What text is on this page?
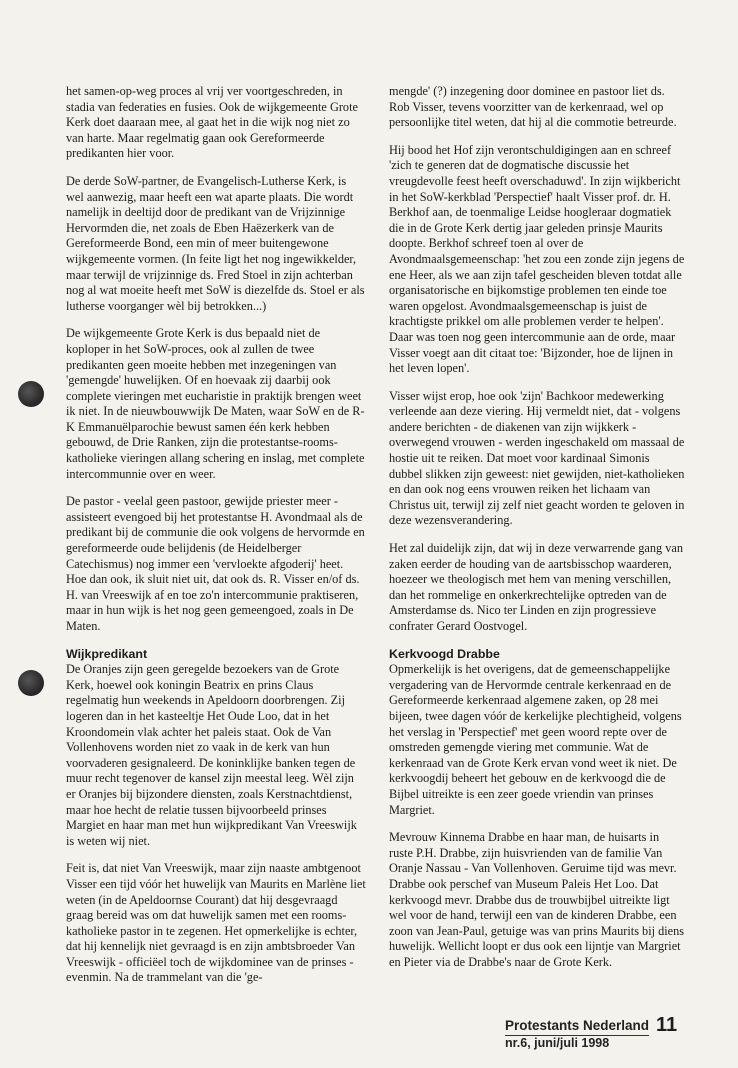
het samen-op-weg proces al vrij ver voortgeschreden, in stadia van federaties en fusies. Ook de wijkgemeente Grote Kerk doet daaraan mee, al gaat het in die wijk nog niet zo van harte. Maar regelmatig gaan ook Gereformeerde predikanten hier voor.

De derde SoW-partner, de Evangelisch-Lutherse Kerk, is wel aanwezig, maar heeft een wat aparte plaats. Die wordt namelijk in deeltijd door de predikant van de Vrijzinnige Hervormden die, net zoals de Eben Haëzerkerk van de Gereformeerde Bond, een min of meer buitengewone wijkgemeente vormen. (In feite ligt het nog ingewikkelder, maar terwijl de vrijzinnige ds. Fred Stoel in zijn achterban nog al wat moeite heeft met SoW is diezelfde ds. Stoel er als lutherse voorganger wèl bij betrokken...)

De wijkgemeente Grote Kerk is dus bepaald niet de koploper in het SoW-proces, ook al zullen de twee predikanten geen moeite hebben met inzegeningen van 'gemengde' huwelijken. Of en hoevaak zij daarbij ook complete vieringen met eucharistie in praktijk brengen weet ik niet. In de nieuwbouwwijk De Maten, waar SoW en de R-K Emmanuëlparochie bewust samen één kerk hebben gebouwd, de Drie Ranken, zijn die protestantse-rooms-katholieke vieringen allang schering en inslag, met complete intercommunnie over en weer.

De pastor - veelal geen pastoor, gewijde priester meer - assisteert evengoed bij het protestantse H. Avondmaal als de predikant bij de communie die ook volgens de hervormde en gereformeerde oude belijdenis (de Heidelberger Catechismus) nog immer een 'vervloekte afgoderij' heet. Hoe dan ook, ik sluit niet uit, dat ook ds. R. Visser en/of ds. H. van Vreeswijk af en toe zo'n intercommunie praktiseren, maar in hun wijk is het nog geen gemeengoed, zoals in De Maten.

Wijkpredikant

De Oranjes zijn geen geregelde bezoekers van de Grote Kerk, hoewel ook koningin Beatrix en prins Claus regelmatig hun weekends in Apeldoorn doorbrengen. Zij logeren dan in het kasteeltje Het Oude Loo, dat in het Kroondomein vlak achter het paleis staat. Ook de Van Vollenhovens worden niet zo vaak in de kerk van hun voorvaderen gesignaleerd. De koninklijke banken tegen de muur recht tegenover de kansel zijn meestal leeg. Wèl zijn er Oranjes bij bijzondere diensten, zoals Kerstnachtdienst, maar hoe hecht de relatie tussen bijvoorbeeld prinses Margiet en haar man met hun wijkpredikant Van Vreeswijk is weten wij niet.

Feit is, dat niet Van Vreeswijk, maar zijn naaste ambtgenoot Visser een tijd vóór het huwelijk van Maurits en Marlène liet weten (in de Apeldoornse Courant) dat hij desgevraagd graag bereid was om dat huwelijk samen met een rooms-katholieke pastor in te zegenen. Het opmerkelijke is echter, dat hij kennelijk niet gevraagd is en zijn ambtsbroeder Van Vreeswijk - officiëel toch de wijkdominee van de prinses - evenmin. Na de trammelant van die 'ge-

mengde' (?) inzegening door dominee en pastoor liet ds. Rob Visser, tevens voorzitter van de kerkenraad, wel op persoonlijke titel weten, dat hij al die commotie betreurde.

Hij bood het Hof zijn verontschuldigingen aan en schreef 'zich te generen dat de dogmatische discussie het vreugdevolle feest heeft overschaduwd'. In zijn wijkbericht in het SoW-kerkblad 'Perspectief' haalt Visser prof. dr. H. Berkhof aan, de toenmalige Leidse hoogleraar dogmatiek die in de Grote Kerk dertig jaar geleden prinsje Maurits doopte. Berkhof schreef toen al over de Avondmaalsgemeenschap: 'het zou een zonde zijn jegens de ene Heer, als we aan zijn tafel gescheiden bleven totdat alle organisatorische en bijkomstige problemen ten einde toe waren opgelost. Avondmaalsgemeenschap is juist de krachtigste prikkel om alle problemen verder te helpen'. Daar was toen nog geen intercommunie aan de orde, maar Visser voegt aan dit citaat toe: 'Bijzonder, hoe de lijnen in het leven lopen'.

Visser wijst erop, hoe ook 'zijn' Bachkoor medewerking verleende aan deze viering. Hij vermeldt niet, dat - volgens andere berichten - de diakenen van zijn wijkkerk - overwegend vrouwen - werden ingeschakeld om massaal de hostie uit te reiken. Dat moet voor kardinaal Simonis dubbel slikken zijn geweest: niet gewijden, niet-katholieken en dan ook nog eens vrouwen reiken het lichaam van Christus uit, terwijl zij zelf niet geacht worden te geloven in deze wezensverandering.

Het zal duidelijk zijn, dat wij in deze verwarrende gang van zaken eerder de houding van de aartsbisschop waarderen, hoezeer we theologisch met hem van mening verschillen, dan het rommelige en onkerkrechtelijke optreden van de Amsterdamse ds. Nico ter Linden en zijn progressieve confrater Gerard Oostvogel.

Kerkvoogd Drabbe

Opmerkelijk is het overigens, dat de gemeenschappelijke vergadering van de Hervormde centrale kerkenraad en de Gereformeerde kerkenraad algemene zaken, op 28 mei bijeen, twee dagen vóór de kerkelijke plechtigheid, volgens het verslag in 'Perspectief' met geen woord repte over de omstreden gemengde viering met communie. Wat de kerkenraad van de Grote Kerk ervan vond weet ik niet. De kerkvoogdij beheert het gebouw en de kerkvoogd die de Bijbel uitreikte is een zeer goede vriendin van prinses Margriet.

Mevrouw Kinnema Drabbe en haar man, de huisarts in ruste P.H. Drabbe, zijn huisvrienden van de familie Van Oranje Nassau - Van Vollenhoven. Geruime tijd was mevr. Drabbe ook perschef van Museum Paleis Het Loo. Dat kerkvoogd mevr. Drabbe dus de trouwbijbel uitreikte ligt wel voor de hand, terwijl een van de kinderen Drabbe, een zoon van Jean-Paul, getuige was van prins Maurits bij diens huwelijk. Wellicht loopt er dus ook een lijntje van Margriet en Pieter via de Drabbe's naar de Grote Kerk.

Protestants Nederland
nr.6, juni/juli 1998
11
